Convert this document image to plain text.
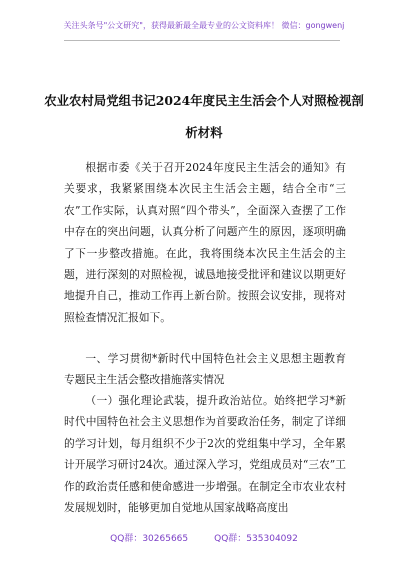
关注头条号"公文研究"，获得最新最全最专业的公文资料库！ 微信：gongwenj
农业农村局党组书记2024年度民主生活会个人对照检视剖
析材料

根据市委《关于召开2024年度民主生活会的通知》有关要求，我紧紧围绕本次民主生活会主题，结合全市“三农”工作实际，认真对照“四个带头”，全面深入查摆了工作中存在的突出问题，认真分析了问题产生的原因，逐项明确了下一步整改措施。在此，我将围绕本次民主生活会的主题，进行深刻的对照检视，诚恳地接受批评和建议以期更好地提升自己，推动工作再上新台阶。按照会议安排，现将对照检查情况汇报如下。

一、学习贯彻*新时代中国特色社会主义思想主题教育专题民主生活会整改措施落实情况

（一）强化理论武装，提升政治站位。始终把学习*新时代中国特色社会主义思想作为首要政治任务，制定了详细的学习计划，每月组织不少于2次的党组集中学习，全年累计开展学习研讨24次。通过深入学习，党组成员对“三农”工作的政治责任感和使命感进一步增强。在制定全市农业农村发展规划时，能够更加自觉地从国家战略高度出

QQ群：30265665	QQ群：535304092
